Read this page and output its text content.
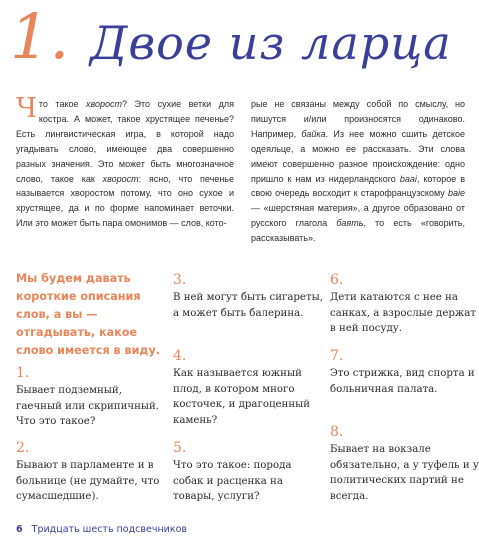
1. Двое из ларца

Что такое хворост? Это сухие ветки для костра. А может, такое хрустящее печенье? Есть лингвистическая игра, в которой надо угадывать слово, имеющее два совершенно разных значения. Это может быть многозначное слово, такое как хворост: ясно, что печенье называется хворостом потому, что оно сухое и хрустящее, да и по форме напоминает веточки. Или это может быть пара омонимов — слов, кото-

рые не связаны между собой по смыслу, но пишутся и/или произносятся одинаково. Например, байка. Из нее можно сшить детское одеяльце, а можно ее рассказать. Эти слова имеют совершенно разное происхождение: одно пришло к нам из нидерландского baai, которое в свою очередь восходит к старофранцузскому baie — «шерстяная материя», а другое образовано от русского глагола баять, то есть «говорить, рассказывать».

Мы будем давать короткие описания слов, а вы — отгадывать, какое слово имеется в виду.

1.
Бывает подземный, гаечный или скрипичный. Что это такое?
2.
Бывают в парламенте и в больнице (не думайте, что сумасшедшие).
3.
В ней могут быть сигареты, а может быть балерина.
4.
Как называется южный плод, в котором много косточек, и драгоценный камень?
5.
Что это такое: порода собак и расценка на товары, услуги?
6.
Дети катаются с нее на санках, а взрослые держат в ней посуду.
7.
Это стрижка, вид спорта и больничная палата.
8.
Бывает на вокзале обязательно, а у туфель и у политических партий не всегда.
6 Тридцать шесть подсвечников
